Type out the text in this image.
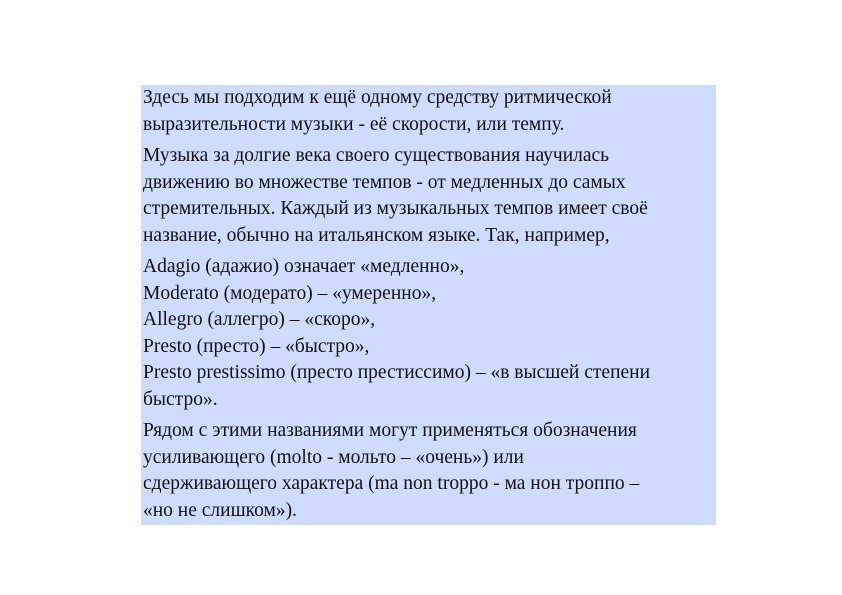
Здесь мы подходим к ещё одному средству ритмической
выразительности музыки - её скорости, или темпу.

Музыка за долгие века своего существования научилась
движению во множестве темпов - от медленных до самых
стремительных. Каждый из музыкальных темпов имеет своё
название, обычно на итальянском языке. Так, например,

Adagio (адажио) означает «медленно»,
Moderato (модерато) – «умеренно»,
Allegro (аллегро) – «скоро»,
Presto (престо) – «быстро»,
Presto prestissimo (престо престиссимо) – «в высшей степени
быстро».

Рядом с этими названиями могут применяться обозначения
усиливающего (molto - мольто – «очень») или
сдерживающего характера (ma non troppo - ма нон троппо –
«но не слишком»).
